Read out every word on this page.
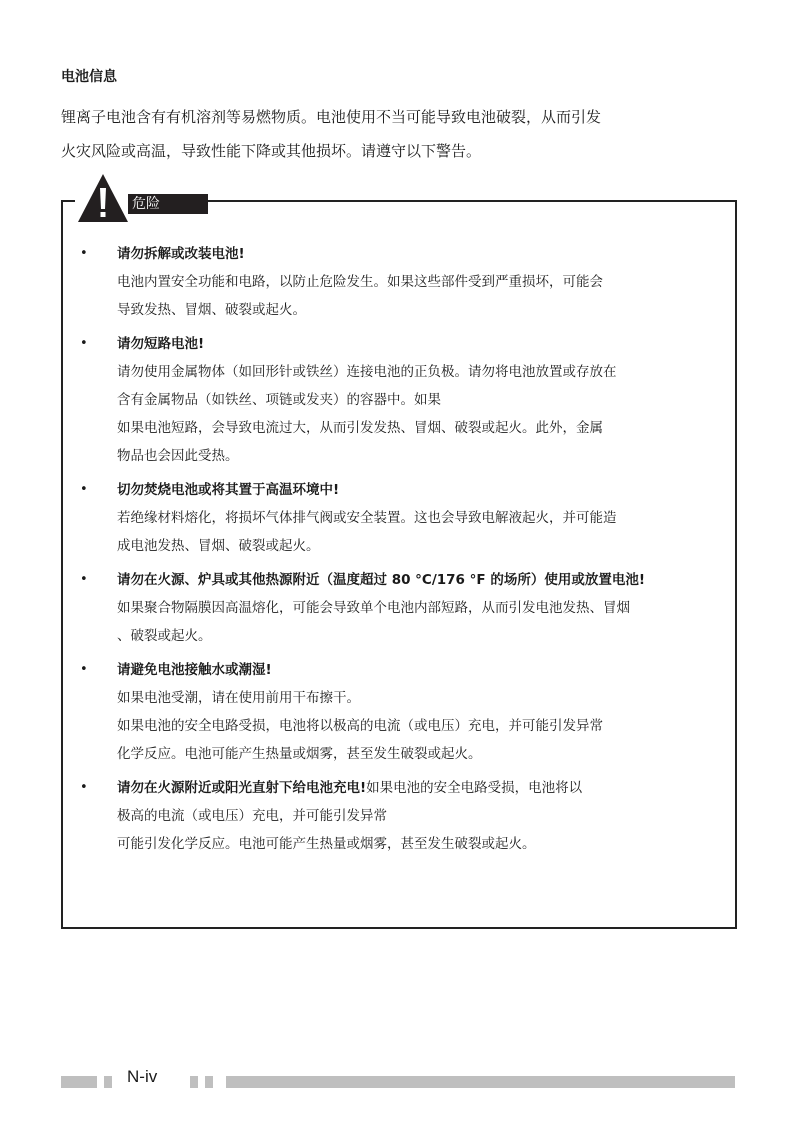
电池信息
锂离子电池含有有机溶剂等易燃物质。电池使用不当可能导致电池破裂，从而引发
火灾风险或高温，导致性能下降或其他损坏。请遵守以下警告。
危险
• 请勿拆解或改装电池!

电池内置安全功能和电路，以防止危险发生。如果这些部件受到严重损坏，可能会

导致发热、冒烟、破裂或起火。

• 请勿短路电池!

请勿使用金属物体（如回形针或铁丝）连接电池的正负极。请勿将电池放置或存放在

含有金属物品（如铁丝、项链或发夹）的容器中。如果

如果电池短路，会导致电流过大，从而引发发热、冒烟、破裂或起火。此外，金属

物品也会因此受热。

• 切勿焚烧电池或将其置于高温环境中!

若绝缘材料熔化，将损坏气体排气阀或安全装置。这也会导致电解液起火，并可能造

成电池发热、冒烟、破裂或起火。

• 请勿在火源、炉具或其他热源附近（温度超过 80 °C/176 °F 的场所）使用或放置电池!

如果聚合物隔膜因高温熔化，可能会导致单个电池内部短路，从而引发电池发热、冒烟

、破裂或起火。

• 请避免电池接触水或潮湿!

如果电池受潮，请在使用前用干布擦干。

如果电池的安全电路受损，电池将以极高的电流（或电压）充电，并可能引发异常

化学反应。电池可能产生热量或烟雾，甚至发生破裂或起火。

• 请勿在火源附近或阳光直射下给电池充电!如果电池的安全电路受损，电池将以

极高的电流（或电压）充电，并可能引发异常

可能引发化学反应。电池可能产生热量或烟雾，甚至发生破裂或起火。

N-iv
